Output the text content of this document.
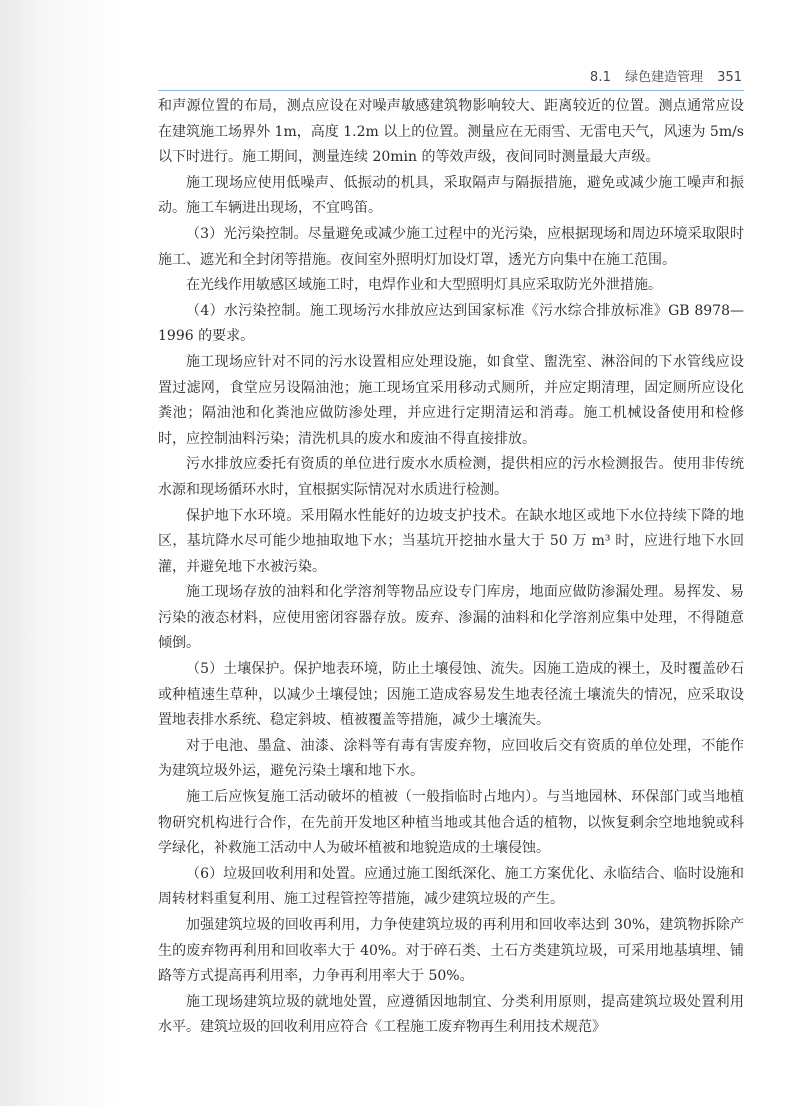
8.1 绿色建造管理 351

和声源位置的布局，测点应设在对噪声敏感建筑物影响较大、距离较近的位置。测点通常应设在建筑施工场界外 1m，高度 1.2m 以上的位置。测量应在无雨雪、无雷电天气，风速为 5m/s 以下时进行。施工期间，测量连续 20min 的等效声级，夜间同时测量最大声级。

施工现场应使用低噪声、低振动的机具，采取隔声与隔振措施，避免或减少施工噪声和振动。施工车辆进出现场，不宜鸣笛。

（3）光污染控制。尽量避免或减少施工过程中的光污染，应根据现场和周边环境采取限时施工、遮光和全封闭等措施。夜间室外照明灯加设灯罩，透光方向集中在施工范围。

在光线作用敏感区域施工时，电焊作业和大型照明灯具应采取防光外泄措施。

（4）水污染控制。施工现场污水排放应达到国家标准《污水综合排放标准》GB 8978—1996 的要求。

施工现场应针对不同的污水设置相应处理设施，如食堂、盥洗室、淋浴间的下水管线应设置过滤网，食堂应另设隔油池；施工现场宜采用移动式厕所，并应定期清理，固定厕所应设化粪池；隔油池和化粪池应做防渗处理，并应进行定期清运和消毒。施工机械设备使用和检修时，应控制油料污染；清洗机具的废水和废油不得直接排放。

污水排放应委托有资质的单位进行废水水质检测，提供相应的污水检测报告。使用非传统水源和现场循环水时，宜根据实际情况对水质进行检测。

保护地下水环境。采用隔水性能好的边坡支护技术。在缺水地区或地下水位持续下降的地区，基坑降水尽可能少地抽取地下水；当基坑开挖抽水量大于 50 万 m³ 时，应进行地下水回灌，并避免地下水被污染。

施工现场存放的油料和化学溶剂等物品应设专门库房，地面应做防渗漏处理。易挥发、易污染的液态材料，应使用密闭容器存放。废弃、渗漏的油料和化学溶剂应集中处理，不得随意倾倒。

（5）土壤保护。保护地表环境，防止土壤侵蚀、流失。因施工造成的裸土，及时覆盖砂石或种植速生草种，以减少土壤侵蚀；因施工造成容易发生地表径流土壤流失的情况，应采取设置地表排水系统、稳定斜坡、植被覆盖等措施，减少土壤流失。

对于电池、墨盒、油漆、涂料等有毒有害废弃物，应回收后交有资质的单位处理，不能作为建筑垃圾外运，避免污染土壤和地下水。

施工后应恢复施工活动破坏的植被（一般指临时占地内）。与当地园林、环保部门或当地植物研究机构进行合作，在先前开发地区种植当地或其他合适的植物，以恢复剩余空地地貌或科学绿化，补救施工活动中人为破坏植被和地貌造成的土壤侵蚀。

（6）垃圾回收利用和处置。应通过施工图纸深化、施工方案优化、永临结合、临时设施和周转材料重复利用、施工过程管控等措施，减少建筑垃圾的产生。

加强建筑垃圾的回收再利用，力争使建筑垃圾的再利用和回收率达到 30%，建筑物拆除产生的废弃物再利用和回收率大于 40%。对于碎石类、土石方类建筑垃圾，可采用地基填埋、铺路等方式提高再利用率，力争再利用率大于 50%。

施工现场建筑垃圾的就地处置，应遵循因地制宜、分类利用原则，提高建筑垃圾处置利用水平。建筑垃圾的回收利用应符合《工程施工废弃物再生利用技术规范》
